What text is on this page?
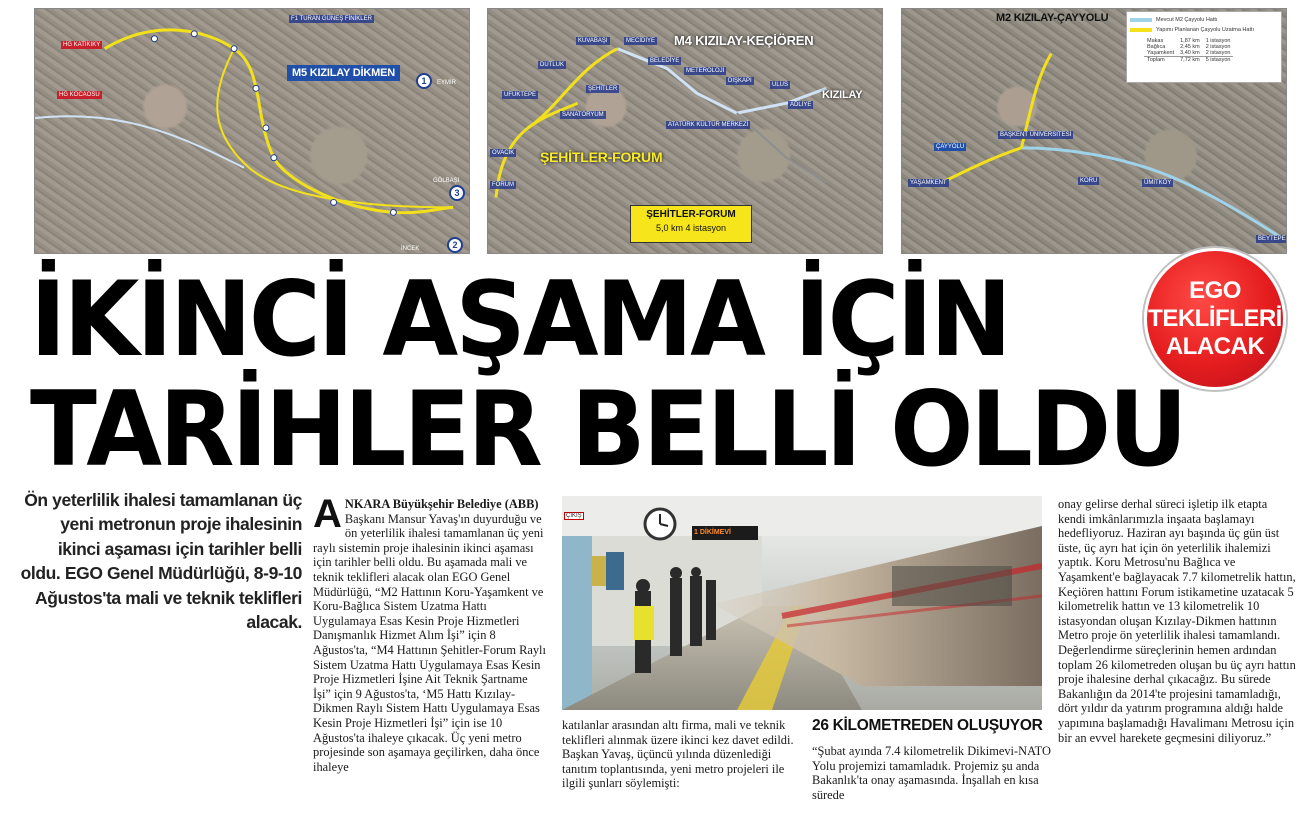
F1 TURAN GÜNEŞ FİNİKLER
HG KATIKIKY
HG KOCAOSU
M5 KIZILAY DİKMEN
EYMİR
GÖLBAŞI
İNCEK
1
2
3
M4 KIZILAY-KEÇİÖREN
KUVABAŞI	MECİDİYE
BELEDİYE
DUTLUK
METEROLOJİ
DIŞKAPI
UFUKTEPE
ŞEHİTLER
SANATORYUM
ATATÜRK KÜLTÜR MERKEZİ
OVACIK
FORUM
ADLİYE
ULUS
KIZILAY
ŞEHİTLER-FORUM
ŞEHİTLER-FORUM
5,0 km 4 istasyon
M2 KIZILAY-ÇAYYOLU
ÇAYYOLU
BAŞKENT ÜNİVERSİTESİ
YAŞAMKENT	KORU	ÜMİTKÖY
BEYTEPE
Mevcut M2 Çayyolu Hattı
Yapımı Planlanan Çayyolu Uzatma Hattı
Makas	1,87 km	1 istasyon
Bağlıca	2,45 km	2 istasyon
Yaşamkent	3,40 km	2 istasyon
Toplam	7,72 km	5 istasyon
İKİNCİ AŞAMA İÇİN
TARİHLER BELLİ OLDU
EGO
TEKLİFLERİ
ALACAK
Ön yeterlilik ihalesi tamamlanan üç yeni metronun proje ihalesinin ikinci aşaması için tarihler belli oldu. EGO Genel Müdürlüğü, 8-9-10 Ağustos'ta mali ve teknik teklifleri alacak.
ANKARA Büyükşehir Belediye (ABB) Başkanı Mansur Yavaş'ın duyurduğu ve ön yeterlilik ihalesi tamamlanan üç yeni raylı sistemin proje ihalesinin ikinci aşaması için tarihler belli oldu. Bu aşamada mali ve teknik teklifleri alacak olan EGO Genel Müdürlüğü, “M2 Hattının Koru-Yaşamkent ve Koru-Bağlıca Sistem Uzatma Hattı Uygulamaya Esas Kesin Proje Hizmetleri Danışmanlık Hizmet Alım İşi” için 8 Ağustos'ta, “M4 Hattının Şehitler-Forum Raylı Sistem Uzatma Hattı Uygulamaya Esas Kesin Proje Hizmetleri İşine Ait Teknik Şartname İşi” için 9 Ağustos'ta, ‘M5 Hattı Kızılay-Dikmen Raylı Sistem Hattı Uygulamaya Esas Kesin Proje Hizmetleri İşi” için ise 10 Ağustos'ta ihaleye çıkacak. Üç yeni metro projesinde son aşamaya geçilirken, daha önce ihaleye
1 DİKİMEVİ
ÇIKIŞ
katılanlar arasından altı firma, mali ve teknik teklifleri alınmak üzere ikinci kez davet edildi. Başkan Yavaş, üçüncü yılında düzenlediği tanıtım toplantısında, yeni metro projeleri ile ilgili şunları söylemişti:
26 KİLOMETREDEN OLUŞUYOR
“Şubat ayında 7.4 kilometrelik Dikimevi-NATO Yolu projemizi tamamladık. Projemiz şu anda Bakanlık'ta onay aşamasında. İnşallah en kısa sürede
onay gelirse derhal süreci işletip ilk etapta kendi imkânlarımızla inşaata başlamayı hedefliyoruz. Haziran ayı başında üç gün üst üste, üç ayrı hat için ön yeterlilik ihalemizi yaptık. Koru Metrosu'nu Bağlıca ve Yaşamkent'e bağlayacak 7.7 kilometrelik hattın, Keçiören hattını Forum istikametine uzatacak 5 kilometrelik hattın ve 13 kilometrelik 10 istasyondan oluşan Kızılay-Dikmen hattının Metro proje ön yeterlilik ihalesi tamamlandı. Değerlendirme süreçlerinin hemen ardından toplam 26 kilometreden oluşan bu üç ayrı hattın proje ihalesine derhal çıkacağız. Bu sürede Bakanlığın da 2014'te projesini tamamladığı, dört yıldır da yatırım programına aldığı halde yapımına başlamadığı Havalimanı Metrosu için bir an evvel harekete geçmesini diliyoruz.”
